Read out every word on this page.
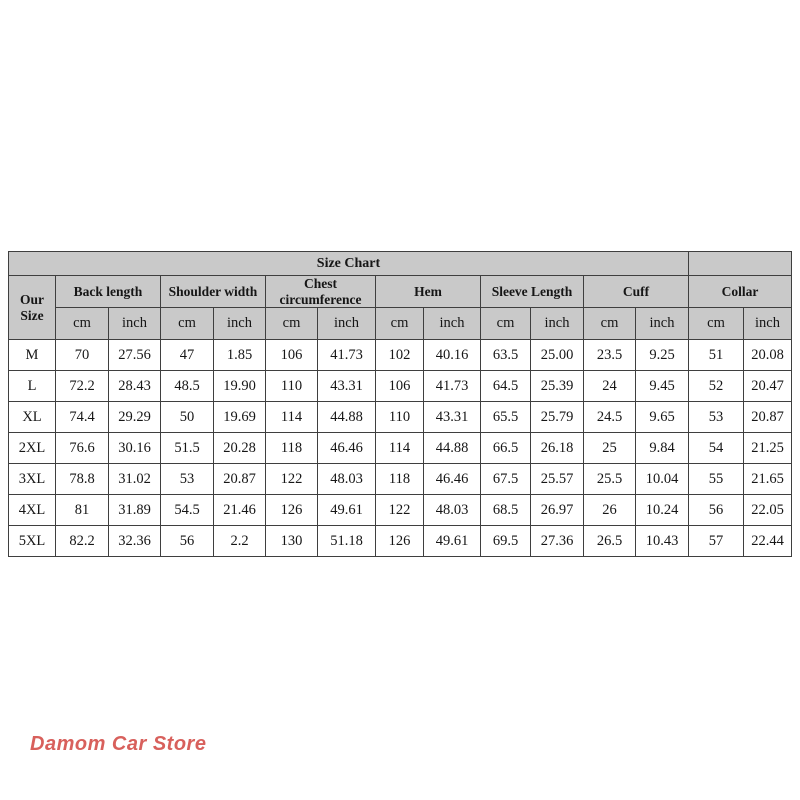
Size Chart														
Our Size	Back length		Shoulder width		Chest circumference		Hem		Sleeve Length		Cuff		Collar	
	cm	inch	cm	inch	cm	inch	cm	inch	cm	inch	cm	inch	cm	inch
M	70	27.56	47	1.85	106	41.73	102	40.16	63.5	25.00	23.5	9.25	51	20.08
L	72.2	28.43	48.5	19.90	110	43.31	106	41.73	64.5	25.39	24	9.45	52	20.47
XL	74.4	29.29	50	19.69	114	44.88	110	43.31	65.5	25.79	24.5	9.65	53	20.87
2XL	76.6	30.16	51.5	20.28	118	46.46	114	44.88	66.5	26.18	25	9.84	54	21.25
3XL	78.8	31.02	53	20.87	122	48.03	118	46.46	67.5	25.57	25.5	10.04	55	21.65
4XL	81	31.89	54.5	21.46	126	49.61	122	48.03	68.5	26.97	26	10.24	56	22.05
5XL	82.2	32.36	56	2.2	130	51.18	126	49.61	69.5	27.36	26.5	10.43	57	22.44
Damom Car Store
